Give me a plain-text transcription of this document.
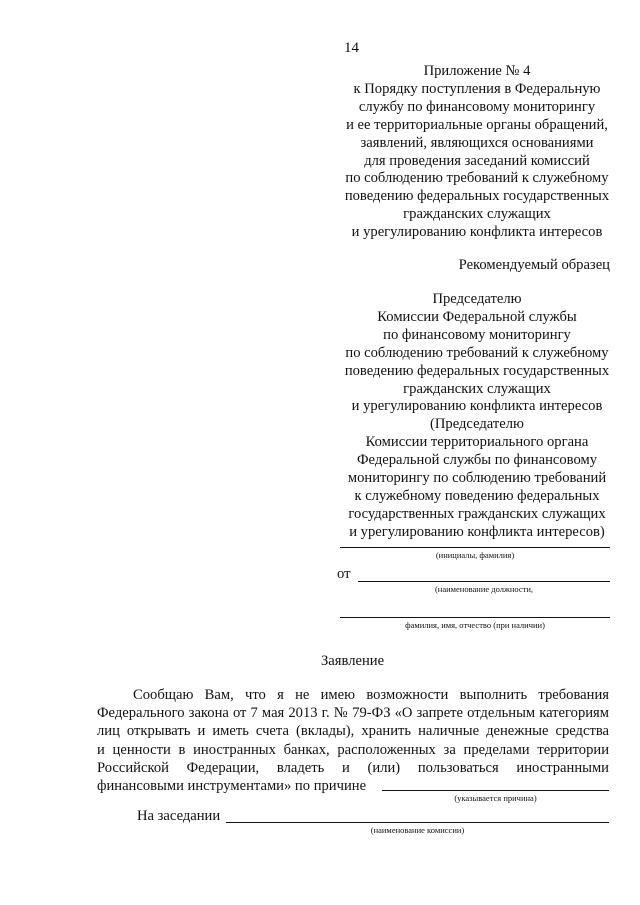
14
Приложение № 4
к Порядку поступления в Федеральную
службу по финансовому мониторингу
и ее территориальные органы обращений,
заявлений, являющихся основаниями
для проведения заседаний комиссий
по соблюдению требований к служебному
поведению федеральных государственных
гражданских служащих
и урегулированию конфликта интересов
Рекомендуемый образец
Председателю
Комиссии Федеральной службы
по финансовому мониторингу
по соблюдению требований к служебному
поведению федеральных государственных
гражданских служащих
и урегулированию конфликта интересов
(Председателю
Комиссии территориального органа
Федеральной службы по финансовому
мониторингу по соблюдению требований
к служебному поведению федеральных
государственных гражданских служащих
и урегулированию конфликта интересов)
(инициалы, фамилия)
от
(наименование должности,
фамилия, имя, отчество (при наличии)
Заявление
Сообщаю Вам, что я не имею возможности выполнить требования
Федерального закона от 7 мая 2013 г. № 79-ФЗ «О запрете отдельным категориям
лиц открывать и иметь счета (вклады), хранить наличные денежные средства
и ценности в иностранных банках, расположенных за пределами территории
Российской Федерации, владеть и (или) пользоваться иностранными
финансовыми инструментами» по причине
(указывается причина)
На заседании
(наименование комиссии)
